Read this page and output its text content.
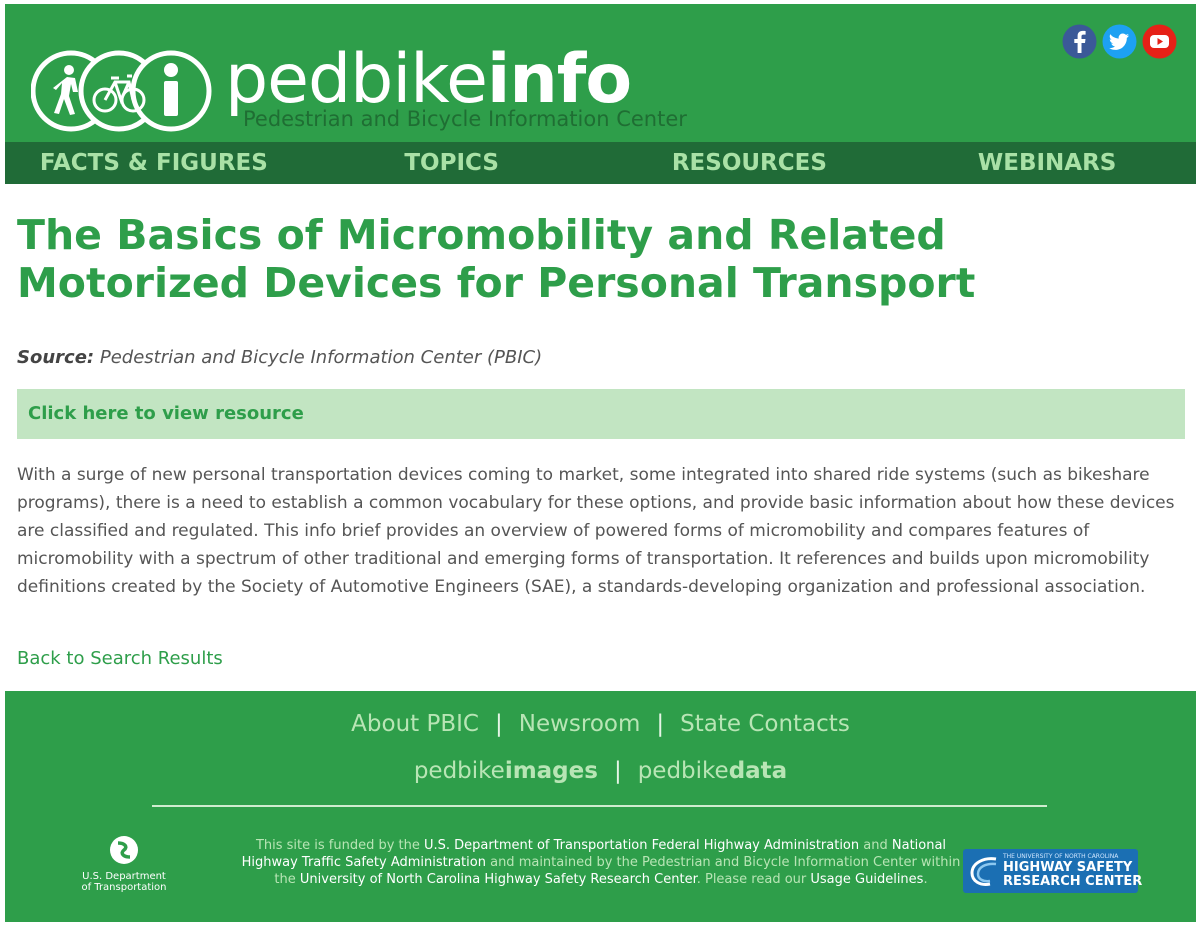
pedbikeinfo
Pedestrian and Bicycle Information Center
FACTS & FIGURES	TOPICS	RESOURCES	WEBINARS
The Basics of Micromobility and Related Motorized Devices for Personal Transport
Source: Pedestrian and Bicycle Information Center (PBIC)
Click here to view resource

With a surge of new personal transportation devices coming to market, some integrated into shared ride systems (such as bikeshare programs), there is a need to establish a common vocabulary for these options, and provide basic information about how these devices are classified and regulated. This info brief provides an overview of powered forms of micromobility and compares features of micromobility with a spectrum of other traditional and emerging forms of transportation. It references and builds upon micromobility definitions created by the Society of Automotive Engineers (SAE), a standards-developing organization and professional association.

Back to Search Results
About PBIC | Newsroom | State Contacts
pedbikeimages | pedbikedata
U.S. Department
of Transportation
This site is funded by the U.S. Department of Transportation Federal Highway Administration and National Highway Traffic Safety Administration and maintained by the Pedestrian and Bicycle Information Center within the University of North Carolina Highway Safety Research Center. Please read our Usage Guidelines.
THE UNIVERSITY OF NORTH CAROLINA
HIGHWAY SAFETY
RESEARCH CENTER
